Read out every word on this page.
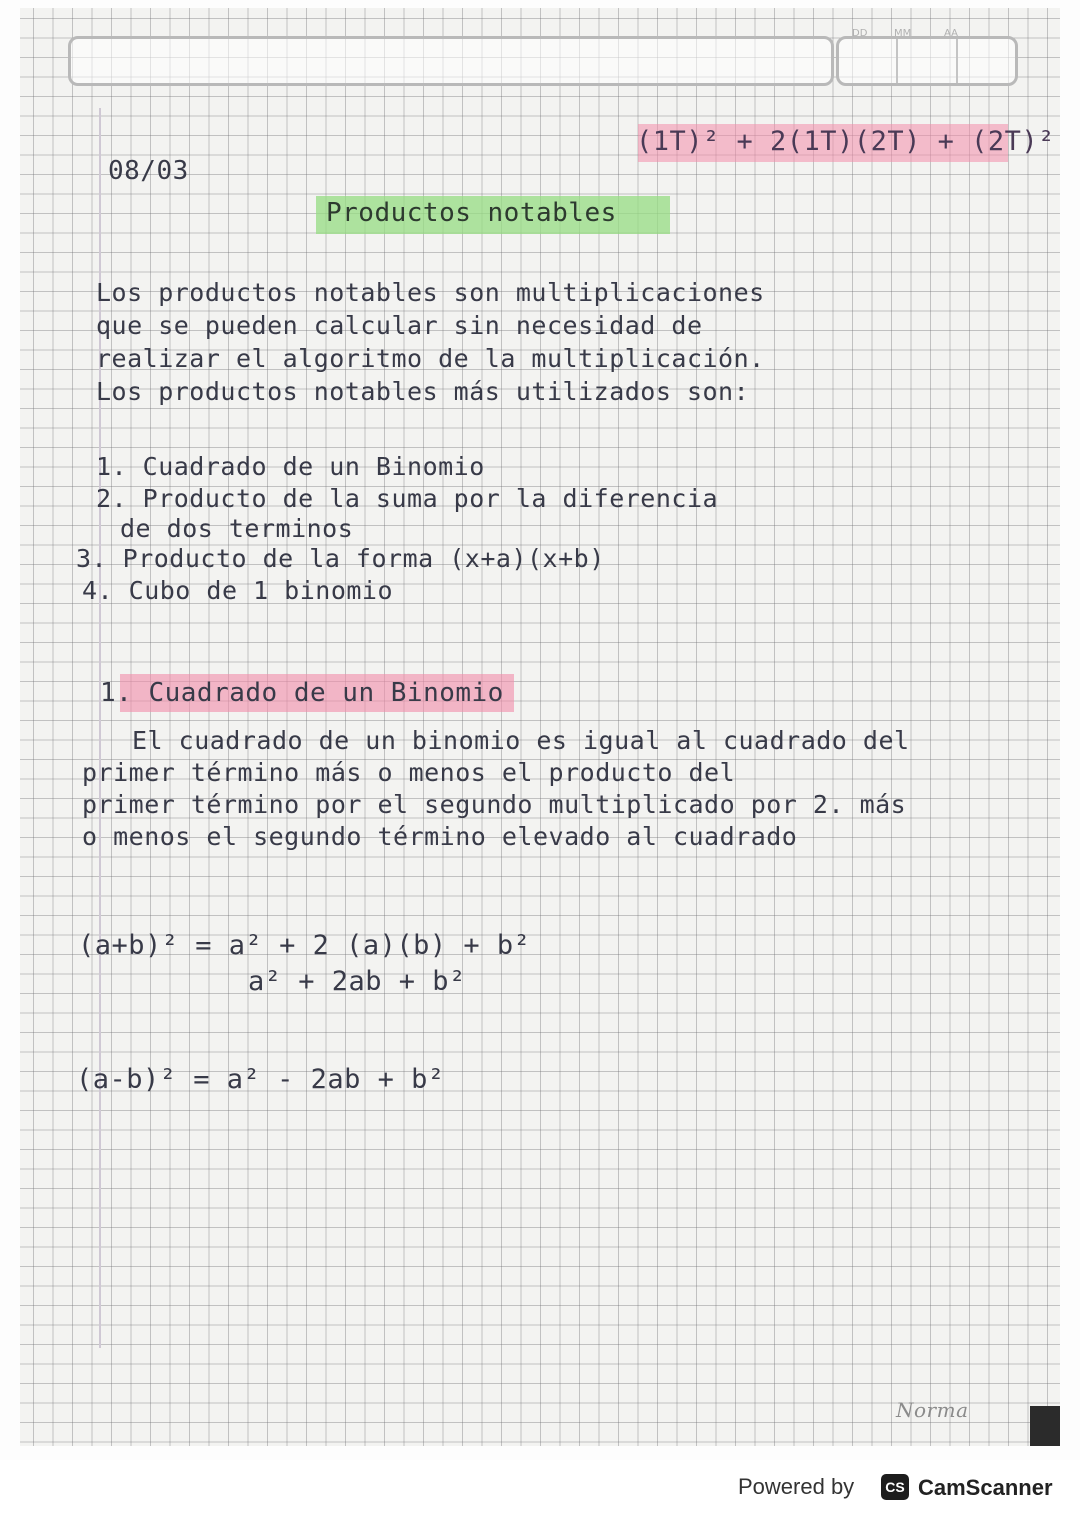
DD	MM	AA
08/03
(1T)² + 2(1T)(2T) + (2T)²
Productos notables
Los productos notables son multiplicaciones
que se pueden calcular sin necesidad de
realizar el algoritmo de la multiplicación.
Los productos notables más utilizados son:
1. Cuadrado de un Binomio
2. Producto de la suma por la diferencia
de dos terminos
3. Producto de la forma (x+a)(x+b)
4. Cubo de 1 binomio
1. Cuadrado de un Binomio
El cuadrado de un binomio es igual al cuadrado del
primer término más o menos el producto del
primer término por el segundo multiplicado por 2. más
o menos el segundo término elevado al cuadrado
(a+b)² = a² + 2 (a)(b) + b²
a² + 2ab + b²
(a-b)² = a² - 2ab + b²
Norma
Powered by	CS CamScanner
